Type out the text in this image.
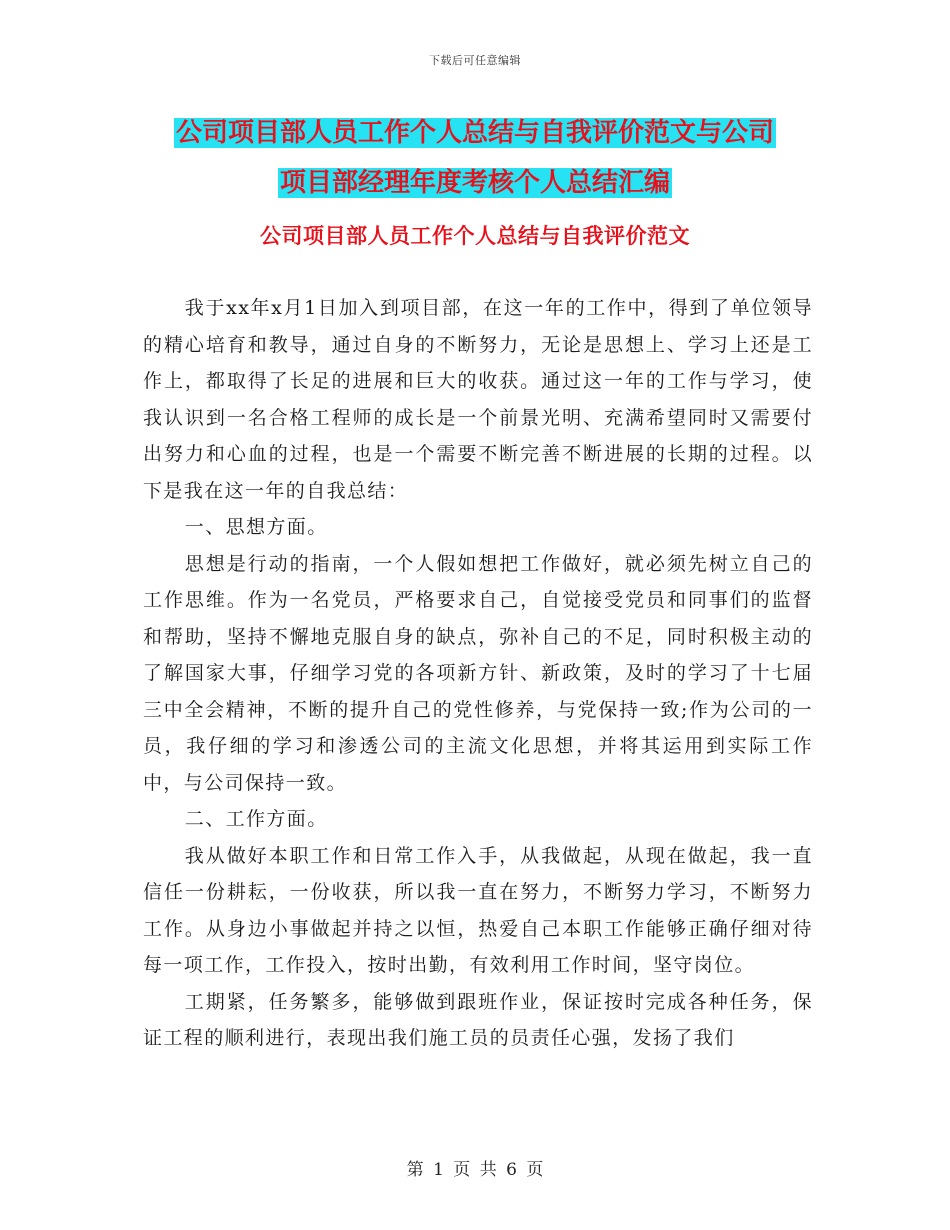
下载后可任意编辑
公司项目部人员工作个人总结与自我评价范文与公司
项目部经理年度考核个人总结汇编
公司项目部人员工作个人总结与自我评价范文

我于xx年x月1日加入到项目部，在这一年的工作中，得到了单位领导的精心培育和教导，通过自身的不断努力，无论是思想上、学习上还是工作上，都取得了长足的进展和巨大的收获。通过这一年的工作与学习，使我认识到一名合格工程师的成长是一个前景光明、充满希望同时又需要付出努力和心血的过程，也是一个需要不断完善不断进展的长期的过程。以下是我在这一年的自我总结：

一、思想方面。

思想是行动的指南，一个人假如想把工作做好，就必须先树立自己的工作思维。作为一名党员，严格要求自己，自觉接受党员和同事们的监督和帮助，坚持不懈地克服自身的缺点，弥补自己的不足，同时积极主动的了解国家大事，仔细学习党的各项新方针、新政策，及时的学习了十七届三中全会精神，不断的提升自己的党性修养，与党保持一致;作为公司的一员，我仔细的学习和渗透公司的主流文化思想，并将其运用到实际工作中，与公司保持一致。

二、工作方面。

我从做好本职工作和日常工作入手，从我做起，从现在做起，我一直信任一份耕耘，一份收获，所以我一直在努力，不断努力学习，不断努力工作。从身边小事做起并持之以恒，热爱自己本职工作能够正确仔细对待每一项工作，工作投入，按时出勤，有效利用工作时间，坚守岗位。

工期紧，任务繁多，能够做到跟班作业，保证按时完成各种任务，保证工程的顺利进行，表现出我们施工员的员责任心强，发扬了我们

第 1 页 共 6 页
